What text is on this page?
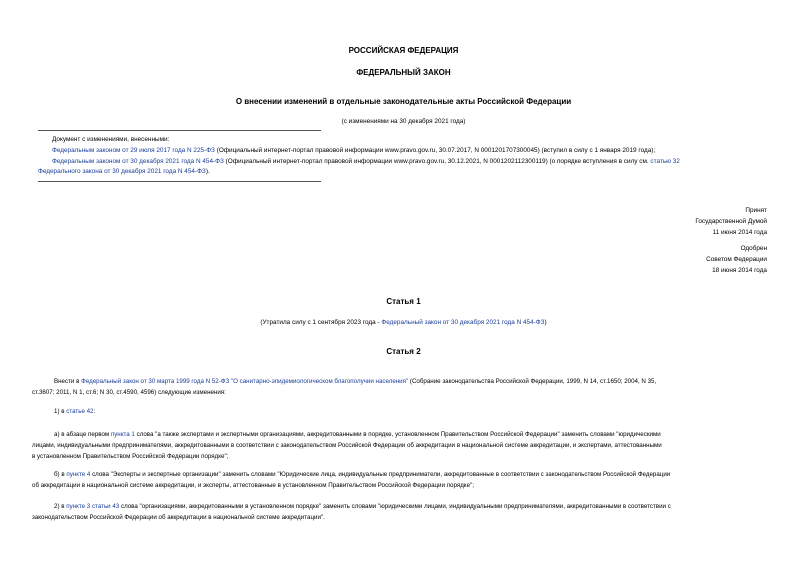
РОССИЙСКАЯ ФЕДЕРАЦИЯ
ФЕДЕРАЛЬНЫЙ ЗАКОН
О внесении изменений в отдельные законодательные акты Российской Федерации
(с изменениями на 30 декабря 2021 года)
Документ с изменениями, внесенными:
Федеральным законом от 29 июля 2017 года N 225-ФЗ (Официальный интернет-портал правовой информации www.pravo.gov.ru, 30.07.2017, N 0001201707300045) (вступил в силу с 1 января 2019 года);
Федеральным законом от 30 декабря 2021 года N 454-ФЗ (Официальный интернет-портал правовой информации www.pravo.gov.ru, 30.12.2021, N 0001202112300119) (о порядке вступления в силу см. статью 32
Федерального закона от 30 декабря 2021 года N 454-ФЗ).
Принят
Государственной Думой
11 июня 2014 года
Одобрен
Советом Федерации
18 июня 2014 года
Статья 1
(Утратила силу с 1 сентября 2023 года - Федеральный закон от 30 декабря 2021 года N 454-ФЗ)
Статья 2
Внести в Федеральный закон от 30 марта 1999 года N 52-ФЗ "О санитарно-эпидемиологическом благополучии населения" (Собрание законодательства Российской Федерации, 1999, N 14, ст.1650; 2004, N 35,
ст.3607; 2011, N 1, ст.6; N 30, ст.4590, 4596) следующие изменения:
1) в статье 42:
а) в абзаце первом пункта 1 слова "а также экспертами и экспертными организациями, аккредитованными в порядке, установленном Правительством Российской Федерации" заменить словами "юридическими
лицами, индивидуальными предпринимателями, аккредитованными в соответствии с законодательством Российской Федерации об аккредитации в национальной системе аккредитации, и экспертами, аттестованными
в установленном Правительством Российской Федерации порядке";
б) в пункте 4 слова "Эксперты и экспертные организации" заменить словами "Юридические лица, индивидуальные предприниматели, аккредитованные в соответствии с законодательством Российской Федерации
об аккредитации в национальной системе аккредитации, и эксперты, аттестованные в установленном Правительством Российской Федерации порядке";
2) в пункте 3 статьи 43 слова "организациями, аккредитованными в установленном порядке" заменить словами "юридическими лицами, индивидуальными предпринимателями, аккредитованными в соответствии с
законодательством Российской Федерации об аккредитации в национальной системе аккредитации".
